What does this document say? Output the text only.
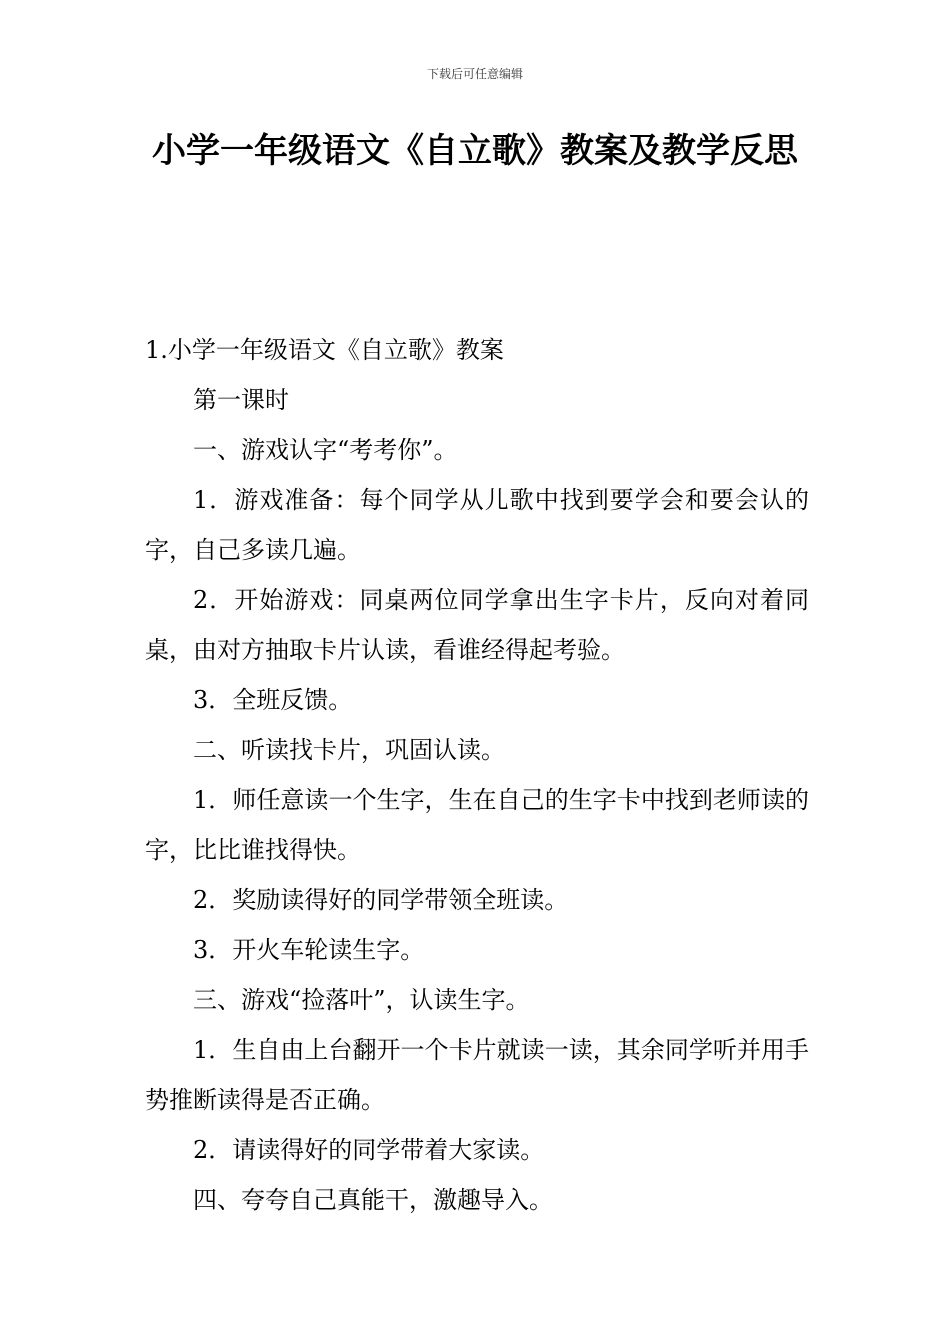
下载后可任意编辑
小学一年级语文《自立歌》教案及教学反思

1.小学一年级语文《自立歌》教案

第一课时

一、游戏认字“考考你”。

1．游戏准备：每个同学从儿歌中找到要学会和要会认的字，自己多读几遍。

2．开始游戏：同桌两位同学拿出生字卡片，反向对着同桌，由对方抽取卡片认读，看谁经得起考验。

3．全班反馈。

二、听读找卡片，巩固认读。

1．师任意读一个生字，生在自己的生字卡中找到老师读的字，比比谁找得快。

2．奖励读得好的同学带领全班读。

3．开火车轮读生字。

三、游戏“捡落叶”，认读生字。

1．生自由上台翻开一个卡片就读一读，其余同学听并用手势推断读得是否正确。

2．请读得好的同学带着大家读。

四、夸夸自己真能干，激趣导入。
